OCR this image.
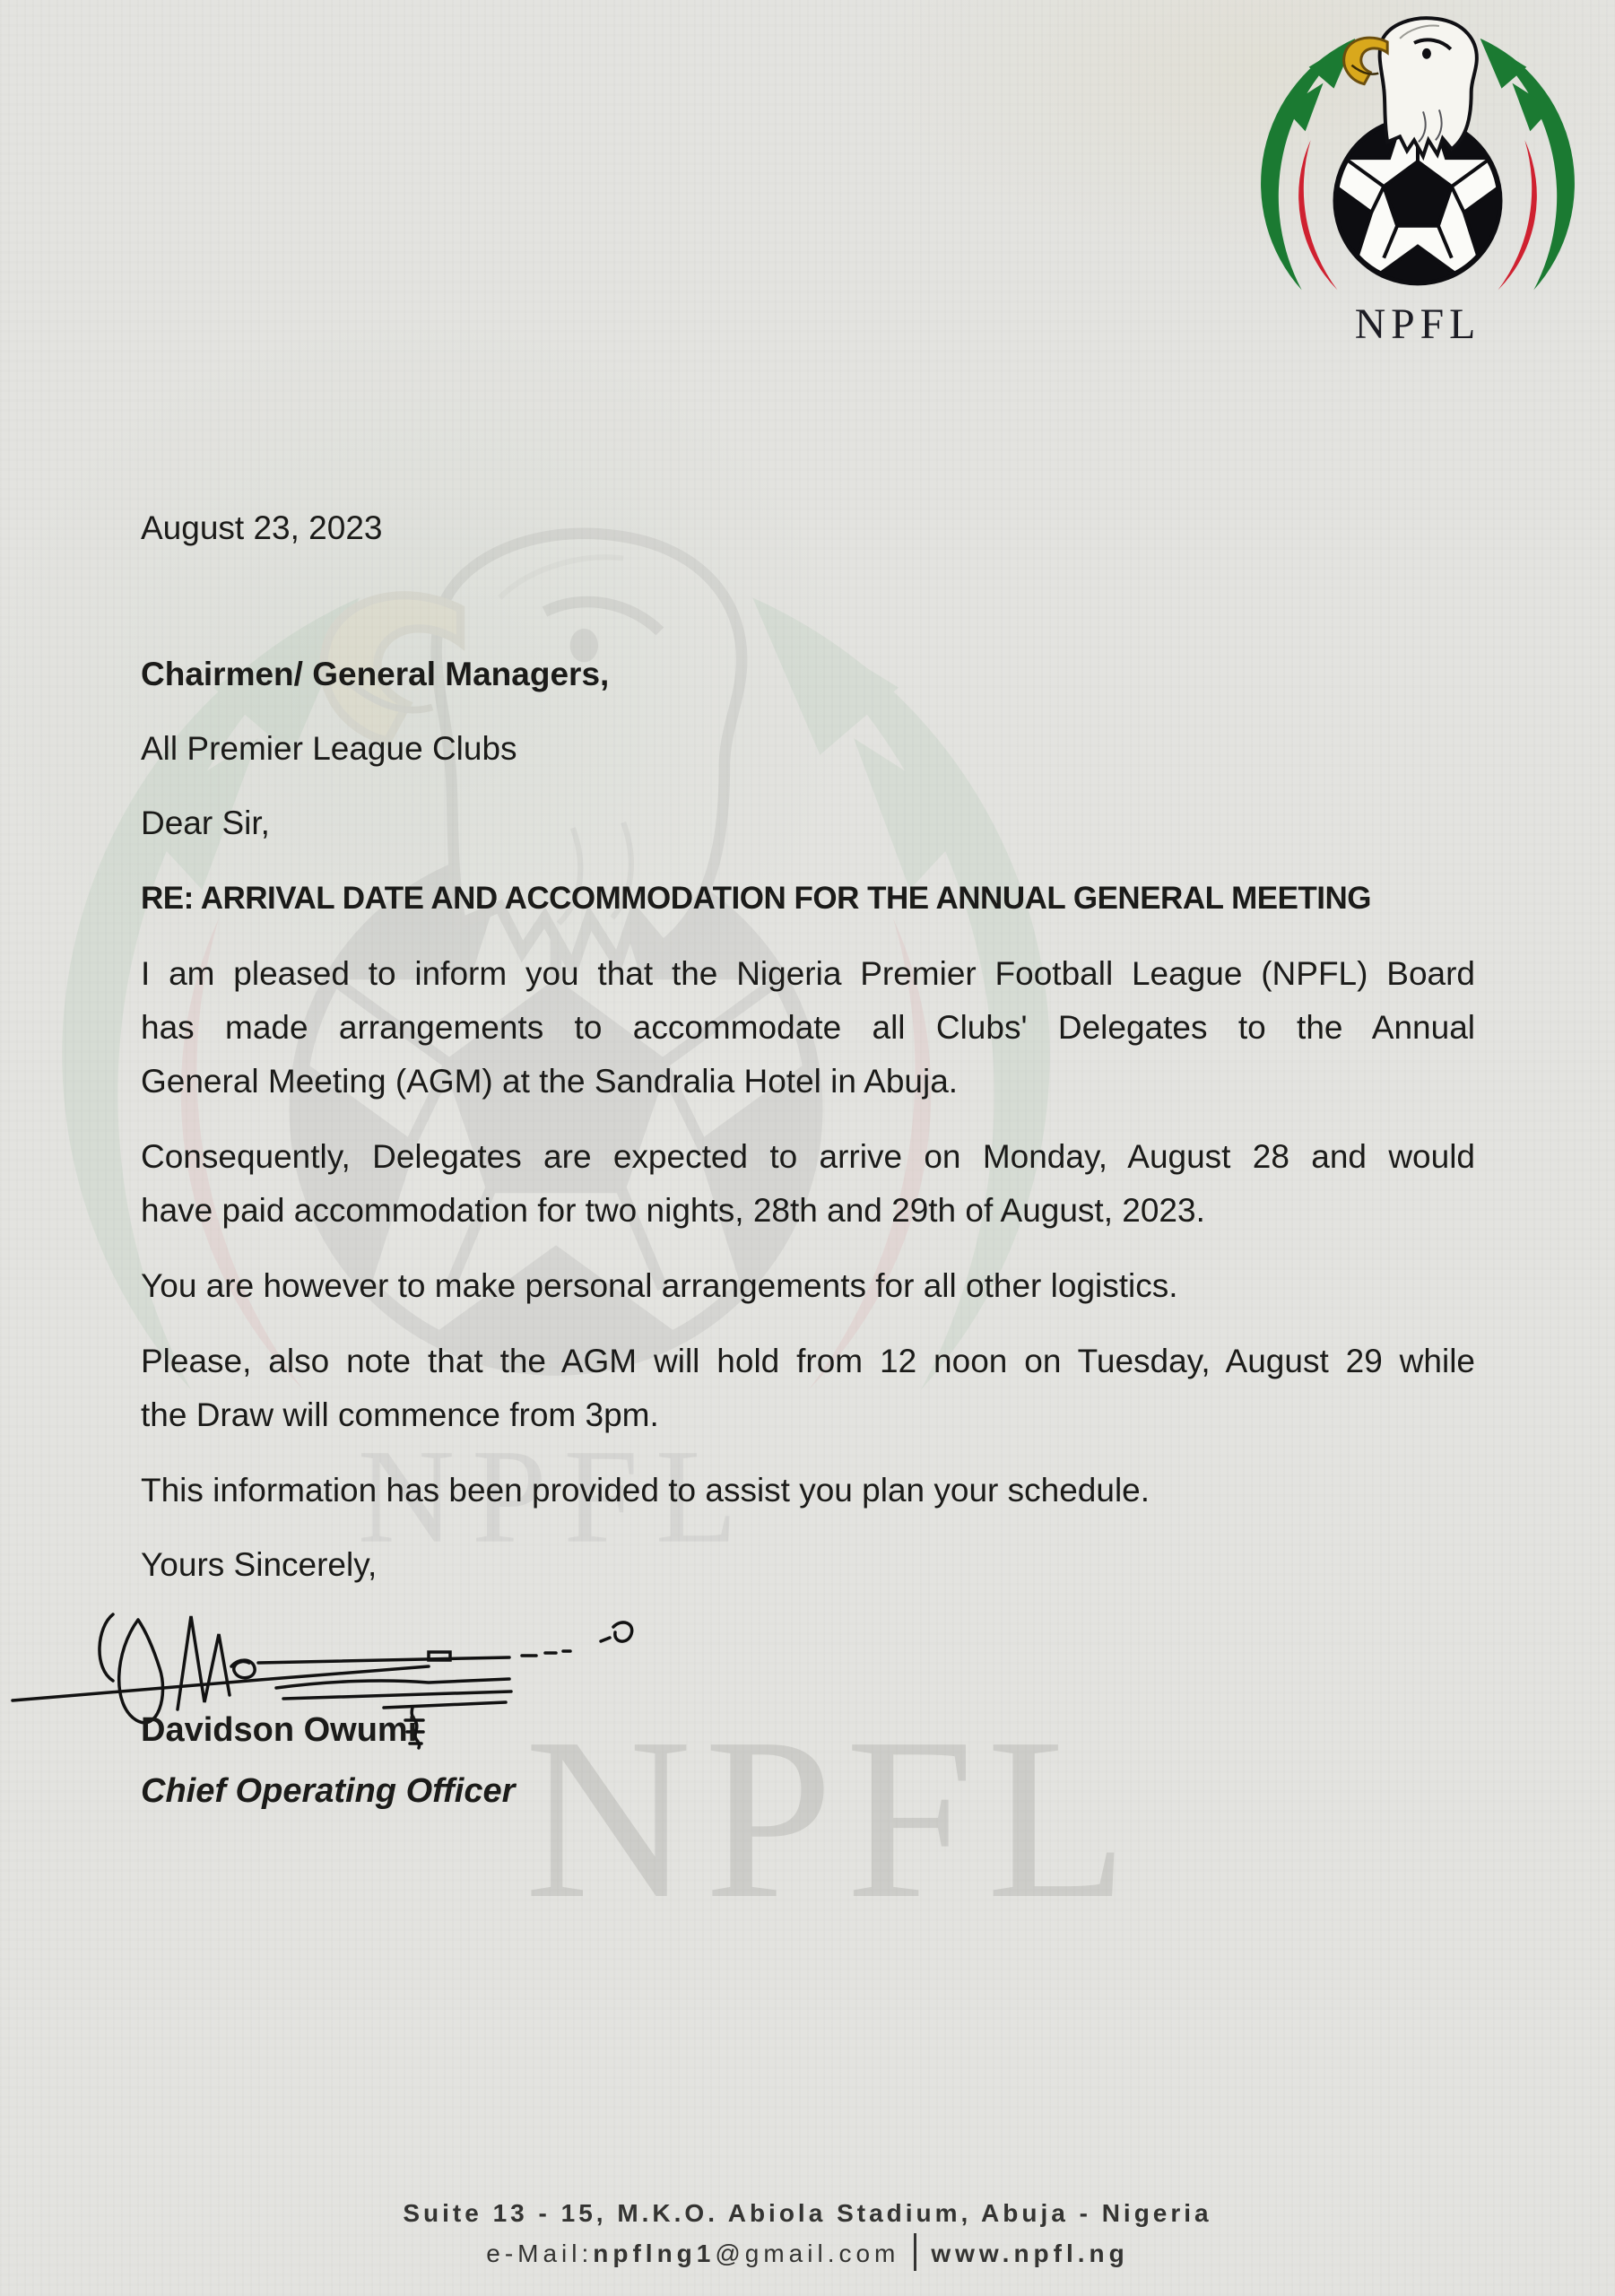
NPFL
NPFL
August 23, 2023
Chairmen/ General Managers,
All Premier League Clubs
Dear Sir,
RE: ARRIVAL DATE AND ACCOMMODATION FOR THE ANNUAL GENERAL MEETING
I am pleased to inform you that the Nigeria Premier Football League (NPFL) Board
has made arrangements to accommodate all Clubs' Delegates to the Annual
General Meeting (AGM) at the Sandralia Hotel in Abuja.
Consequently, Delegates are expected to arrive on Monday, August 28 and would
have paid accommodation for two nights, 28th and 29th of August, 2023.
You are however to make personal arrangements for all other logistics.
Please, also note that the AGM will hold from 12 noon on Tuesday, August 29 while
the Draw will commence from 3pm.
This information has been provided to assist you plan your schedule.
Yours Sincerely,
Davidson Owumi
Chief Operating Officer
Suite 13 - 15, M.K.O. Abiola Stadium, Abuja - Nigeria
e-Mail:npflng1@gmail.com www.npfl.ng
